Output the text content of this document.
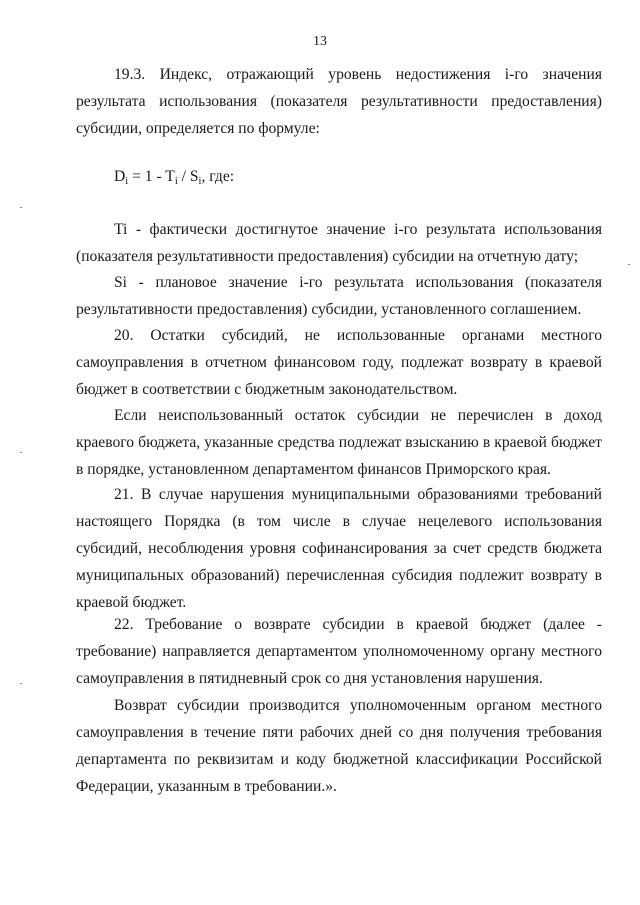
13

19.3. Индекс, отражающий уровень недостижения i-го значения результата использования (показателя результативности предоставления) субсидии, определяется по формуле:

Di = 1 - Ti / Si, где:

Ti - фактически достигнутое значение i-го результата использования (показателя результативности предоставления) субсидии на отчетную дату;

Si - плановое значение i-го результата использования (показателя результативности предоставления) субсидии, установленного соглашением.

20. Остатки субсидий, не использованные органами местного самоуправления в отчетном финансовом году, подлежат возврату в краевой бюджет в соответствии с бюджетным законодательством.

Если неиспользованный остаток субсидии не перечислен в доход краевого бюджета, указанные средства подлежат взысканию в краевой бюджет в порядке, установленном департаментом финансов Приморского края.

21. В случае нарушения муниципальными образованиями требований настоящего Порядка (в том числе в случае нецелевого использования субсидий, несоблюдения уровня софинансирования за счет средств бюджета муниципальных образований) перечисленная субсидия подлежит возврату в краевой бюджет.

22. Требование о возврате субсидии в краевой бюджет (далее - требование) направляется департаментом уполномоченному органу местного самоуправления в пятидневный срок со дня установления нарушения.

Возврат субсидии производится уполномоченным органом местного самоуправления в течение пяти рабочих дней со дня получения требования департамента по реквизитам и коду бюджетной классификации Российской Федерации, указанным в требовании.».
